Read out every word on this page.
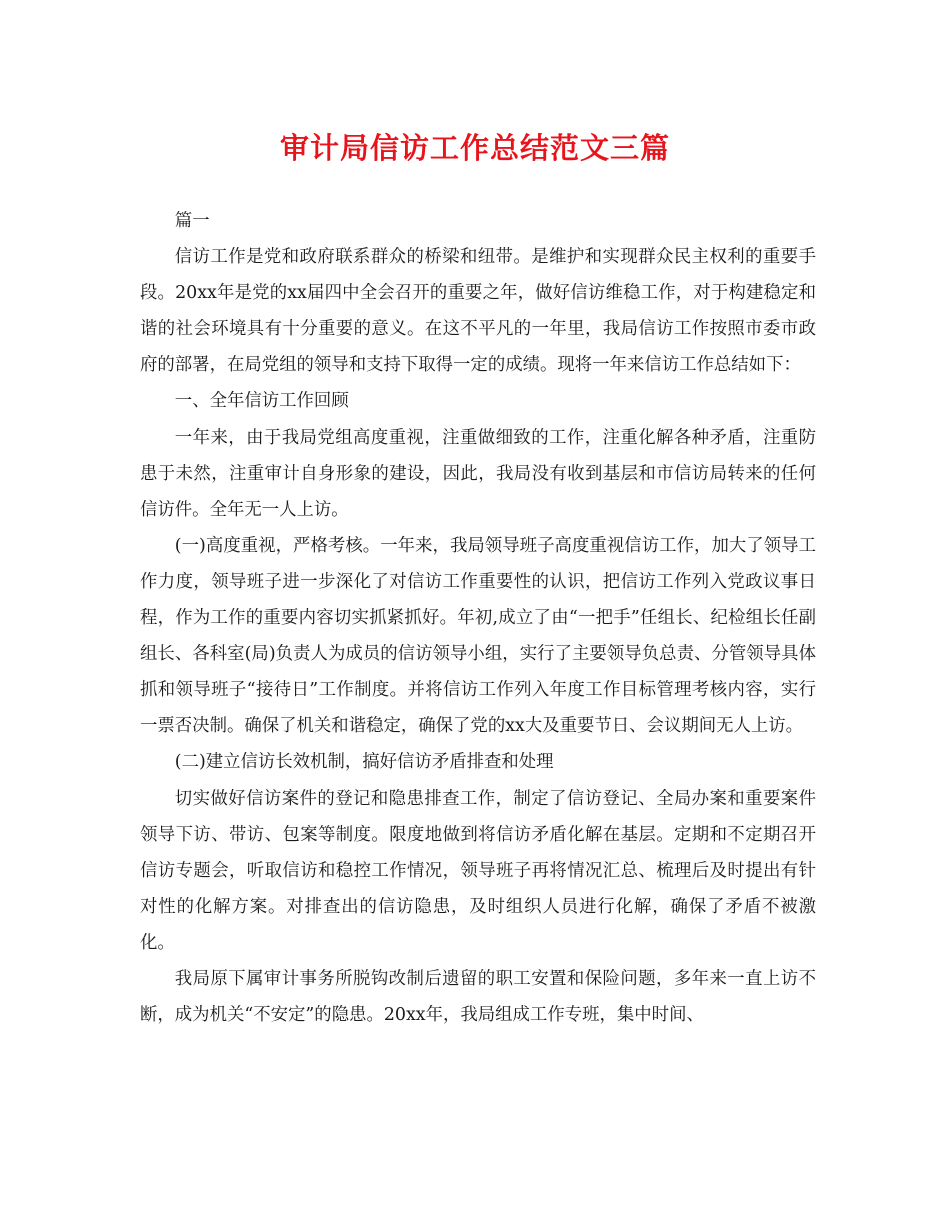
审计局信访工作总结范文三篇

篇一

信访工作是党和政府联系群众的桥梁和纽带。是维护和实现群众民主权利的重要手段。20xx年是党的xx届四中全会召开的重要之年，做好信访维稳工作，对于构建稳定和谐的社会环境具有十分重要的意义。在这不平凡的一年里，我局信访工作按照市委市政府的部署，在局党组的领导和支持下取得一定的成绩。现将一年来信访工作总结如下：

一、全年信访工作回顾

一年来，由于我局党组高度重视，注重做细致的工作，注重化解各种矛盾，注重防患于未然，注重审计自身形象的建设，因此，我局没有收到基层和市信访局转来的任何信访件。全年无一人上访。

(一)高度重视，严格考核。一年来，我局领导班子高度重视信访工作，加大了领导工作力度，领导班子进一步深化了对信访工作重要性的认识，把信访工作列入党政议事日程，作为工作的重要内容切实抓紧抓好。年初,成立了由“一把手”任组长、纪检组长任副组长、各科室(局)负责人为成员的信访领导小组，实行了主要领导负总责、分管领导具体抓和领导班子“接待日”工作制度。并将信访工作列入年度工作目标管理考核内容，实行一票否决制。确保了机关和谐稳定，确保了党的xx大及重要节日、会议期间无人上访。

(二)建立信访长效机制，搞好信访矛盾排查和处理

切实做好信访案件的登记和隐患排查工作，制定了信访登记、全局办案和重要案件领导下访、带访、包案等制度。限度地做到将信访矛盾化解在基层。定期和不定期召开信访专题会，听取信访和稳控工作情况，领导班子再将情况汇总、梳理后及时提出有针对性的化解方案。对排查出的信访隐患，及时组织人员进行化解，确保了矛盾不被激化。

我局原下属审计事务所脱钩改制后遗留的职工安置和保险问题，多年来一直上访不断，成为机关“不安定”的隐患。20xx年，我局组成工作专班，集中时间、
